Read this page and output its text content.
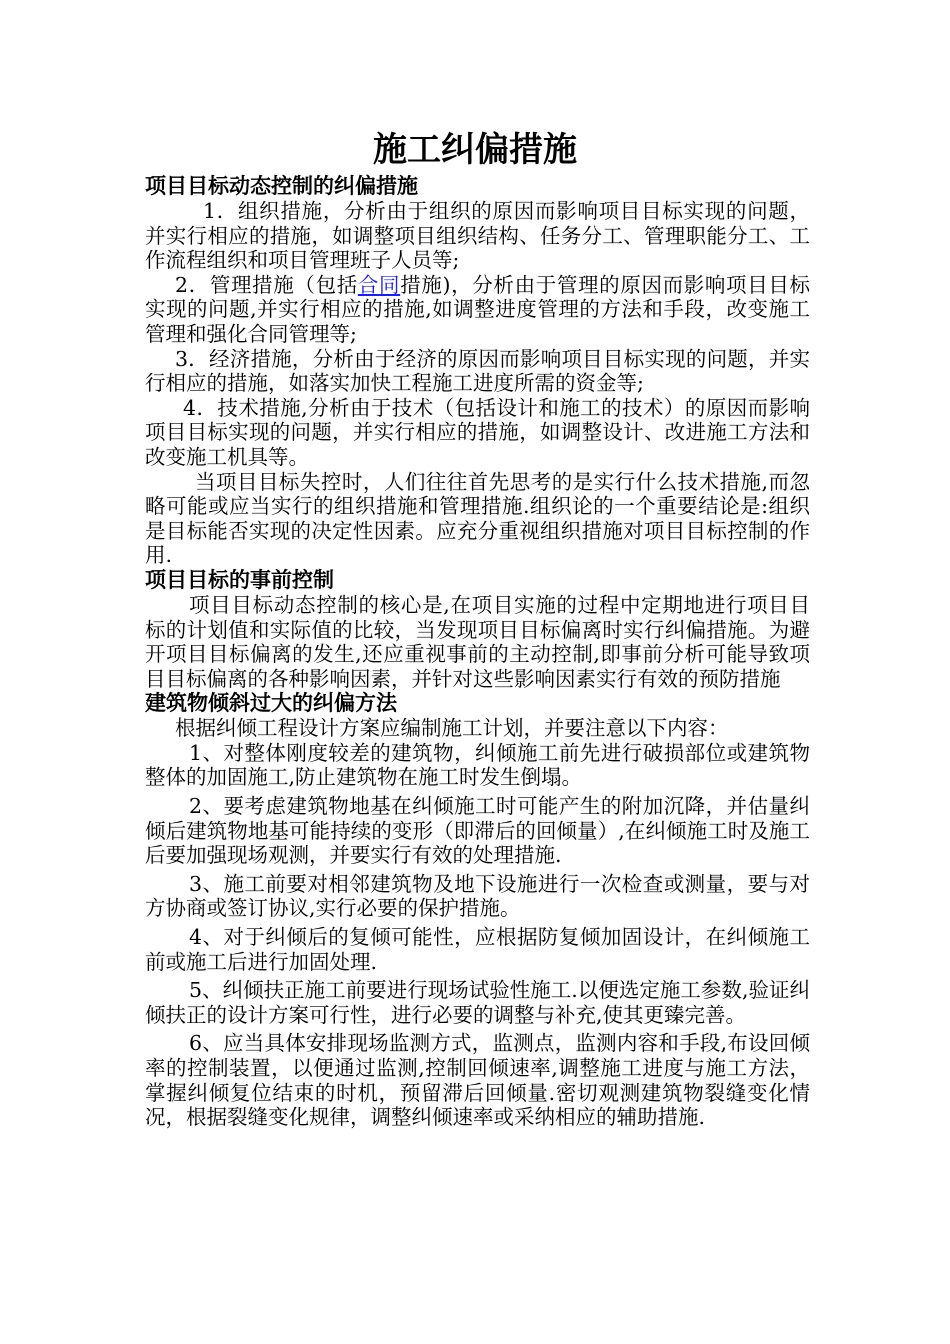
施工纠偏措施
项目目标动态控制的纠偏措施

1．组织措施，分析由于组织的原因而影响项目目标实现的问题，并实行相应的措施，如调整项目组织结构、任务分工、管理职能分工、工作流程组织和项目管理班子人员等;

2．管理措施（包括合同措施)，分析由于管理的原因而影响项目目标实现的问题,并实行相应的措施,如调整进度管理的方法和手段，改变施工管理和强化合同管理等;

3．经济措施，分析由于经济的原因而影响项目目标实现的问题，并实行相应的措施，如落实加快工程施工进度所需的资金等;

4．技术措施,分析由于技术（包括设计和施工的技术）的原因而影响项目目标实现的问题，并实行相应的措施，如调整设计、改进施工方法和改变施工机具等。

当项目目标失控时，人们往往首先思考的是实行什么技术措施,而忽略可能或应当实行的组织措施和管理措施.组织论的一个重要结论是:组织是目标能否实现的决定性因素。应充分重视组织措施对项目目标控制的作用.

项目目标的事前控制

项目目标动态控制的核心是,在项目实施的过程中定期地进行项目目标的计划值和实际值的比较，当发现项目目标偏离时实行纠偏措施。为避开项目目标偏离的发生,还应重视事前的主动控制,即事前分析可能导致项目目标偏离的各种影响因素，并针对这些影响因素实行有效的预防措施

建筑物倾斜过大的纠偏方法

根据纠倾工程设计方案应编制施工计划，并要注意以下内容：

1、对整体刚度较差的建筑物，纠倾施工前先进行破损部位或建筑物整体的加固施工,防止建筑物在施工时发生倒塌。

2、要考虑建筑物地基在纠倾施工时可能产生的附加沉降，并估量纠倾后建筑物地基可能持续的变形（即滞后的回倾量）,在纠倾施工时及施工后要加强现场观测，并要实行有效的处理措施.

3、施工前要对相邻建筑物及地下设施进行一次检查或测量，要与对方协商或签订协议,实行必要的保护措施。

4、对于纠倾后的复倾可能性，应根据防复倾加固设计，在纠倾施工前或施工后进行加固处理.

5、纠倾扶正施工前要进行现场试验性施工.以便选定施工参数,验证纠倾扶正的设计方案可行性，进行必要的调整与补充,使其更臻完善。

6、应当具体安排现场监测方式，监测点，监测内容和手段,布设回倾率的控制装置，以便通过监测,控制回倾速率,调整施工进度与施工方法，掌握纠倾复位结束的时机，预留滞后回倾量.密切观测建筑物裂缝变化情况，根据裂缝变化规律，调整纠倾速率或采纳相应的辅助措施.
